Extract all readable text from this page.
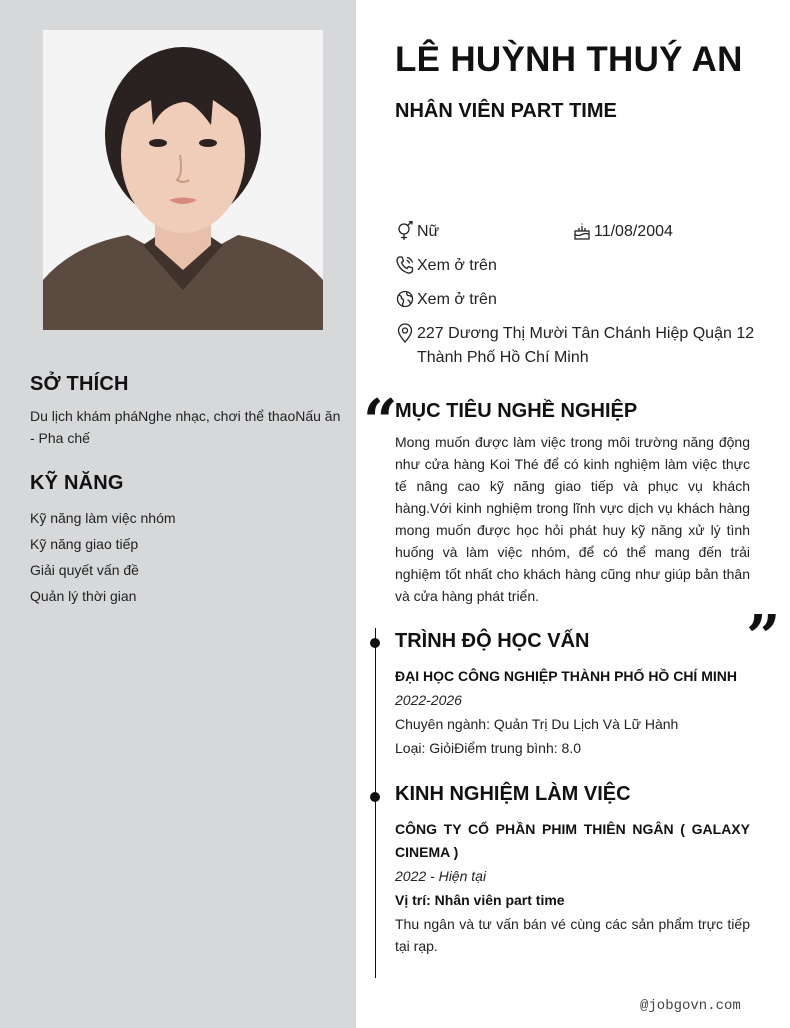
SỞ THÍCH
Du lịch khám pháNghe nhạc, chơi thể thaoNấu ăn - Pha chế
KỸ NĂNG
Kỹ năng làm việc nhóm
Kỹ năng giao tiếp
Giải quyết vấn đề
Quản lý thời gian
LÊ HUỲNH THUÝ AN
NHÂN VIÊN PART TIME
Nữ	11/08/2004
Xem ở trên
Xem ở trên
227 Dương Thị Mười Tân Chánh Hiệp Quận 12
Thành Phố Hồ Chí Minh
“
MỤC TIÊU NGHỀ NGHIỆP
Mong muốn được làm việc trong môi trường năng động như cửa hàng Koi Thé để có kinh nghiệm làm việc thực tế nâng cao kỹ năng giao tiếp và phục vụ khách hàng.Với kinh nghiệm trong lĩnh vực dịch vụ khách hàng mong muốn được học hỏi phát huy kỹ năng xử lý tình huống và làm việc nhóm, để có thể mang đến trải nghiệm tốt nhất cho khách hàng cũng như giúp bản thân và cửa hàng phát triển.
”
TRÌNH ĐỘ HỌC VẤN
ĐẠI HỌC CÔNG NGHIỆP THÀNH PHỐ HỒ CHÍ MINH
2022-2026
Chuyên ngành: Quản Trị Du Lịch Và Lữ Hành
Loại: GiỏiĐiểm trung bình: 8.0
KINH NGHIỆM LÀM VIỆC
CÔNG TY CỔ PHẦN PHIM THIÊN NGÂN ( GALAXY CINEMA )
2022 - Hiện tại
Vị trí: Nhân viên part time
Thu ngân và tư vấn bán vé cùng các sản phẩm trực tiếp tại rạp.
@jobgovn.com
